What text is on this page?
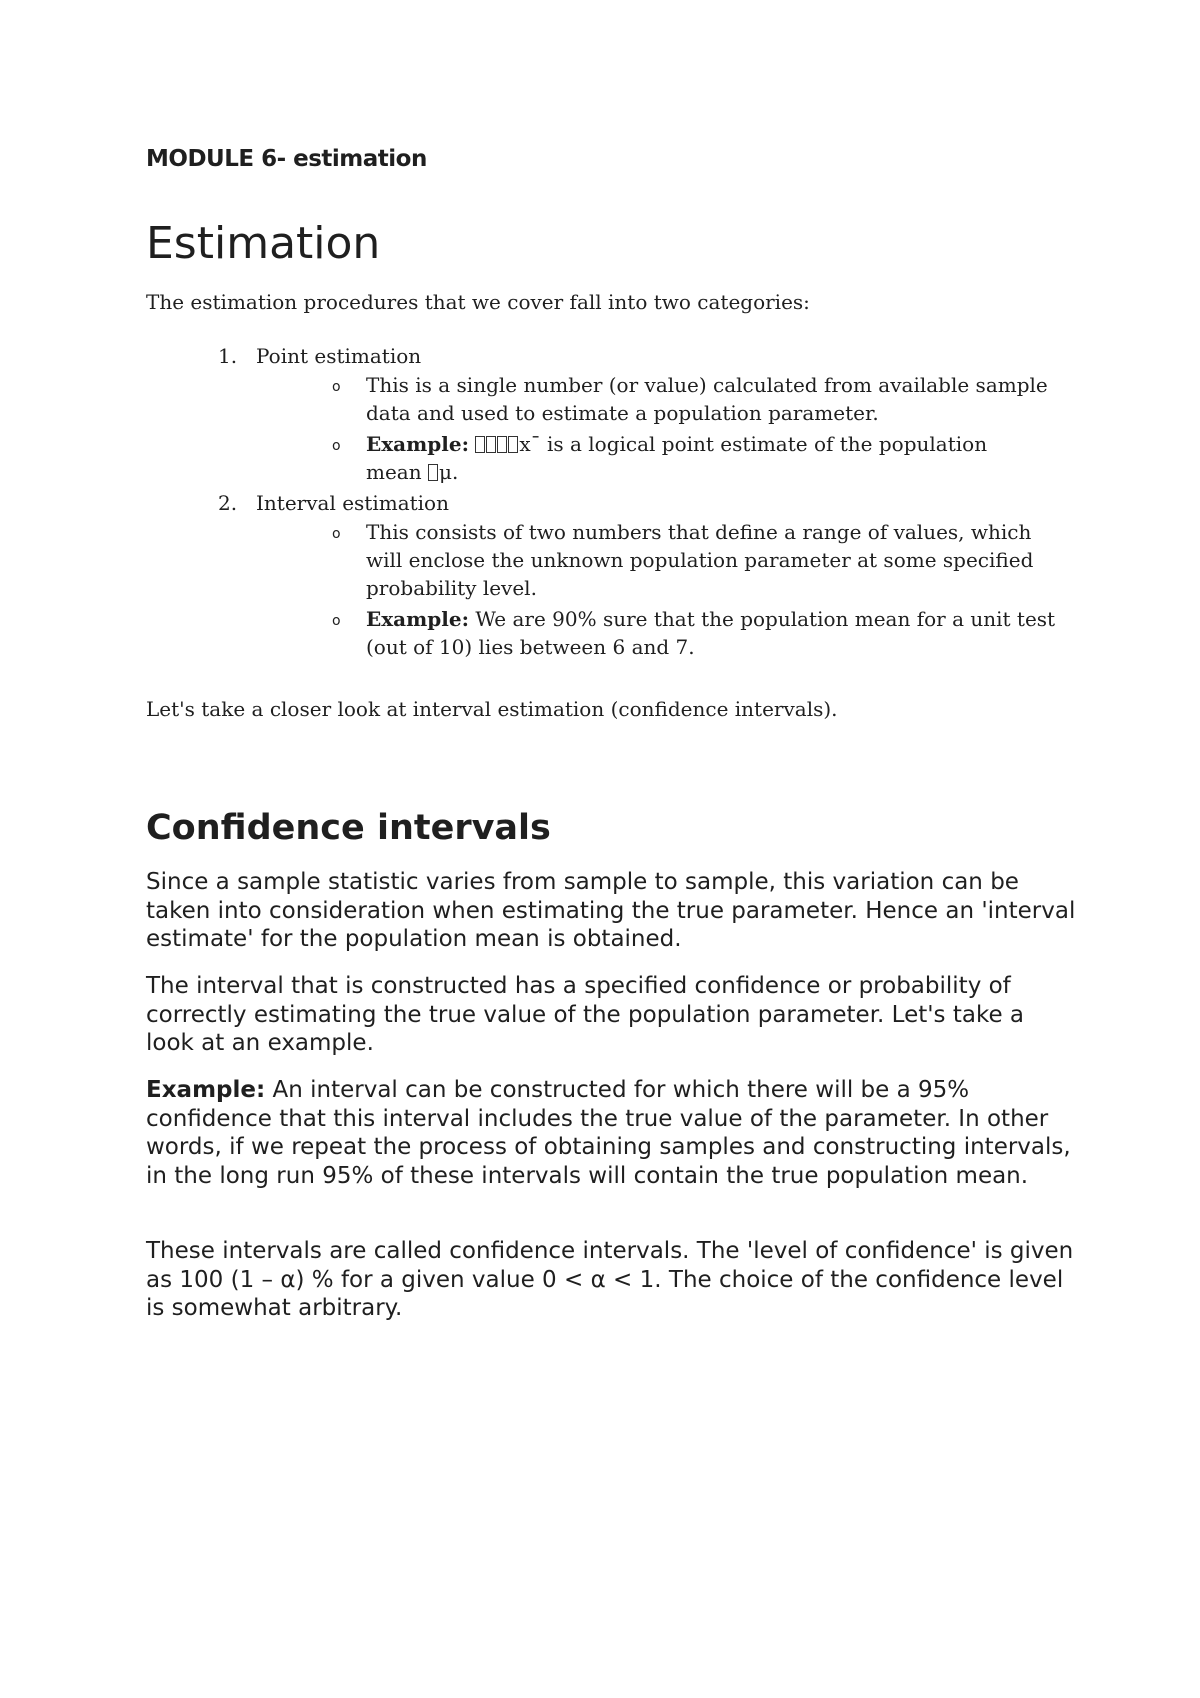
MODULE 6- estimation
Estimation
The estimation procedures that we cover fall into two categories:
1. Point estimation
o This is a single number (or value) calculated from available sample data and used to estimate a population parameter.
o Example:	x¯ is a logical point estimate of the population
mean μ.
2. Interval estimation
o This consists of two numbers that define a range of values, which will enclose the unknown population parameter at some specified probability level.
o Example: We are 90% sure that the population mean for a unit test (out of 10) lies between 6 and 7.
Let's take a closer look at interval estimation (confidence intervals).
Confidence intervals
Since a sample statistic varies from sample to sample, this variation can be taken into consideration when estimating the true parameter. Hence an 'interval estimate' for the population mean is obtained.
The interval that is constructed has a specified confidence or probability of correctly estimating the true value of the population parameter. Let's take a look at an example.
Example: An interval can be constructed for which there will be a 95% confidence that this interval includes the true value of the parameter. In other words, if we repeat the process of obtaining samples and constructing intervals, in the long run 95% of these intervals will contain the true population mean.
These intervals are called confidence intervals. The 'level of confidence' is given as 100 (1 – α) % for a given value 0 < α < 1. The choice of the confidence level is somewhat arbitrary.
